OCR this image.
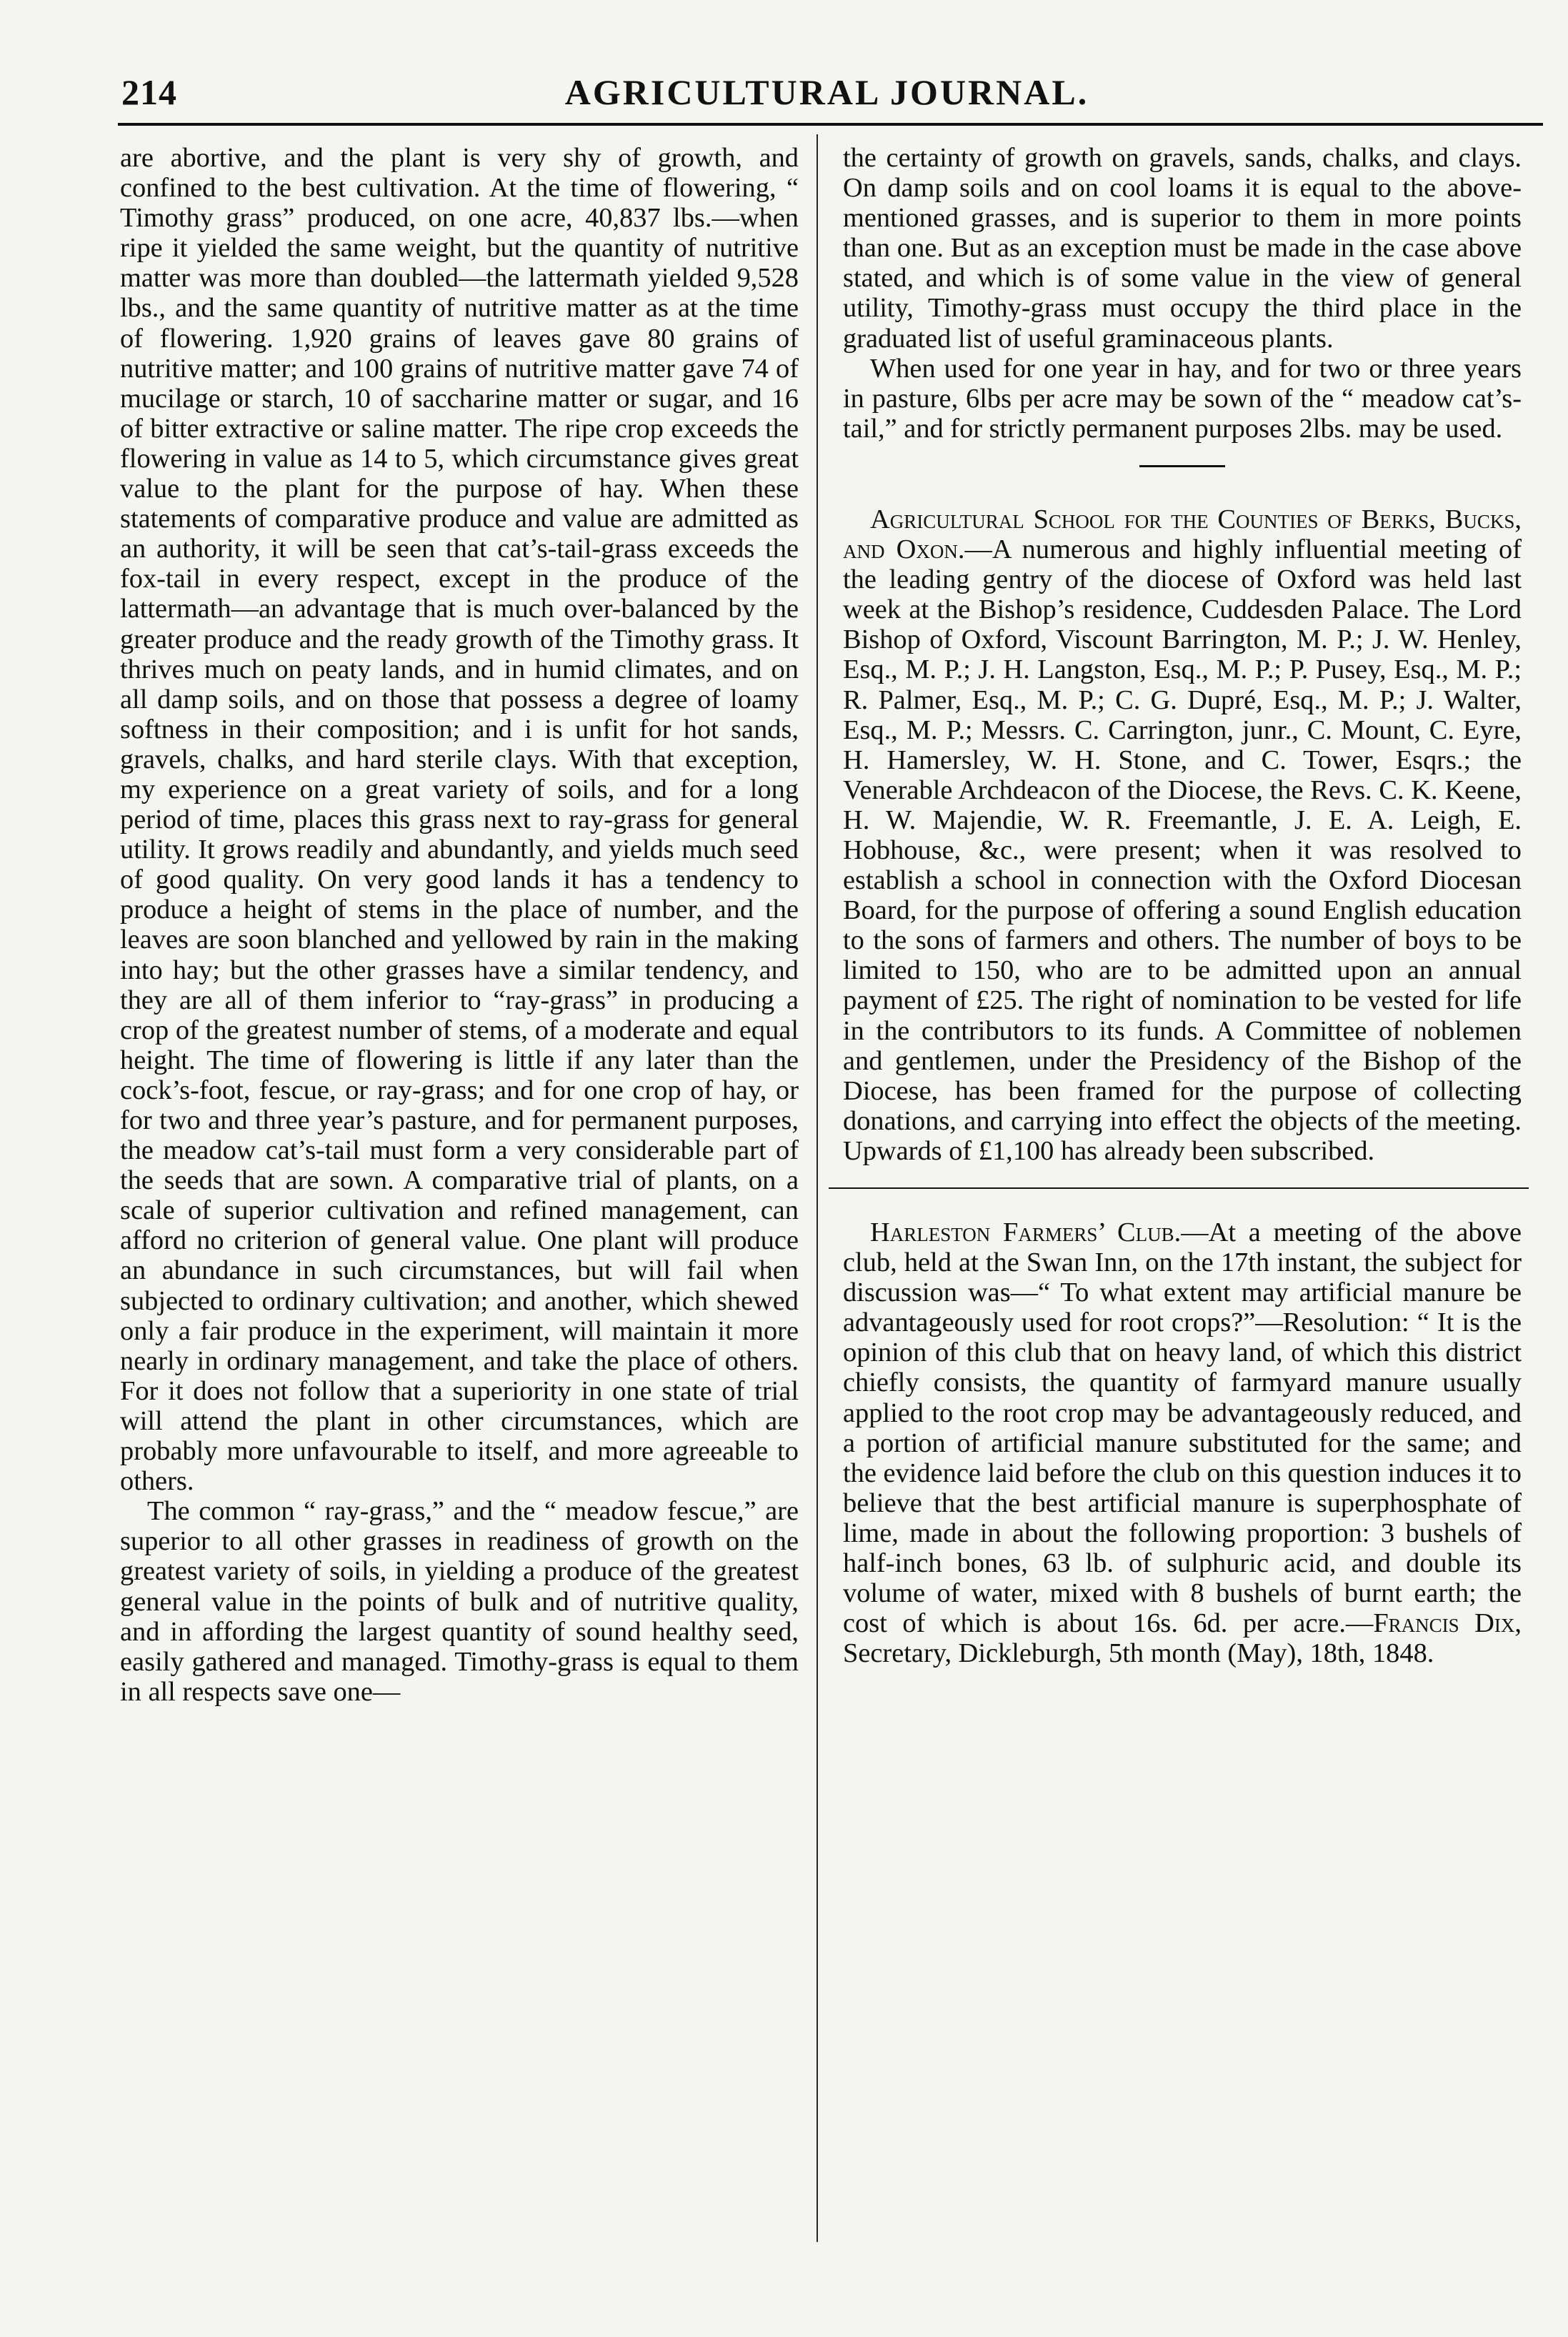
214	AGRICULTURAL JOURNAL.

are abortive, and the plant is very shy of growth, and confined to the best cultivation. At the time of flowering, “ Timothy grass” produced, on one acre, 40,837 lbs.—when ripe it yielded the same weight, but the quantity of nutritive matter was more than doubled—the lattermath yielded 9,528 lbs., and the same quantity of nutritive matter as at the time of flowering. 1,920 grains of leaves gave 80 grains of nutritive matter; and 100 grains of nutritive matter gave 74 of mucilage or starch, 10 of saccharine matter or sugar, and 16 of bitter extractive or saline matter. The ripe crop exceeds the flowering in value as 14 to 5, which circumstance gives great value to the plant for the purpose of hay. When these statements of comparative produce and value are admitted as an authority, it will be seen that cat’s-tail-grass exceeds the fox-tail in every respect, except in the produce of the lattermath—an advantage that is much over-balanced by the greater produce and the ready growth of the Timothy grass. It thrives much on peaty lands, and in humid climates, and on all damp soils, and on those that possess a degree of loamy softness in their composition; and i is unfit for hot sands, gravels, chalks, and hard sterile clays. With that exception, my experience on a great variety of soils, and for a long period of time, places this grass next to ray-grass for general utility. It grows readily and abundantly, and yields much seed of good quality. On very good lands it has a tendency to produce a height of stems in the place of number, and the leaves are soon blanched and yellowed by rain in the making into hay; but the other grasses have a similar tendency, and they are all of them inferior to “ray-grass” in producing a crop of the greatest number of stems, of a moderate and equal height. The time of flowering is little if any later than the cock’s-foot, fescue, or ray-grass; and for one crop of hay, or for two and three year’s pasture, and for permanent purposes, the meadow cat’s-tail must form a very considerable part of the seeds that are sown. A comparative trial of plants, on a scale of superior cultivation and refined management, can afford no criterion of general value. One plant will produce an abundance in such circumstances, but will fail when subjected to ordinary cultivation; and another, which shewed only a fair produce in the experiment, will maintain it more nearly in ordinary management, and take the place of others. For it does not follow that a superiority in one state of trial will attend the plant in other circumstances, which are probably more unfavourable to itself, and more agreeable to others.

The common “ ray-grass,” and the “ meadow fescue,” are superior to all other grasses in readiness of growth on the greatest variety of soils, in yielding a produce of the greatest general value in the points of bulk and of nutritive quality, and in affording the largest quantity of sound healthy seed, easily gathered and managed. Timothy-grass is equal to them in all respects save one—

the certainty of growth on gravels, sands, chalks, and clays. On damp soils and on cool loams it is equal to the above-mentioned grasses, and is superior to them in more points than one. But as an exception must be made in the case above stated, and which is of some value in the view of general utility, Timothy-grass must occupy the third place in the graduated list of useful graminaceous plants.

When used for one year in hay, and for two or three years in pasture, 6lbs per acre may be sown of the “ meadow cat’s-tail,” and for strictly permanent purposes 2lbs. may be used.

Agricultural School for the Counties of Berks, Bucks, and Oxon.—A numerous and highly influential meeting of the leading gentry of the diocese of Oxford was held last week at the Bishop’s residence, Cuddesden Palace. The Lord Bishop of Oxford, Viscount Barrington, M. P.; J. W. Henley, Esq., M. P.; J. H. Langston, Esq., M. P.; P. Pusey, Esq., M. P.; R. Palmer, Esq., M. P.; C. G. Dupré, Esq., M. P.; J. Walter, Esq., M. P.; Messrs. C. Carrington, junr., C. Mount, C. Eyre, H. Hamersley, W. H. Stone, and C. Tower, Esqrs.; the Venerable Archdeacon of the Diocese, the Revs. C. K. Keene, H. W. Majendie, W. R. Freemantle, J. E. A. Leigh, E. Hobhouse, &c., were present; when it was resolved to establish a school in connection with the Oxford Diocesan Board, for the purpose of offering a sound English education to the sons of farmers and others. The number of boys to be limited to 150, who are to be admitted upon an annual payment of £25. The right of nomination to be vested for life in the contributors to its funds. A Committee of noblemen and gentlemen, under the Presidency of the Bishop of the Diocese, has been framed for the purpose of collecting donations, and carrying into effect the objects of the meeting. Upwards of £1,100 has already been subscribed.

Harleston Farmers’ Club.—At a meeting of the above club, held at the Swan Inn, on the 17th instant, the subject for discussion was—“ To what extent may artificial manure be advantageously used for root crops?”—Resolution: “ It is the opinion of this club that on heavy land, of which this district chiefly consists, the quantity of farmyard manure usually applied to the root crop may be advantageously reduced, and a portion of artificial manure substituted for the same; and the evidence laid before the club on this question induces it to believe that the best artificial manure is superphosphate of lime, made in about the following proportion: 3 bushels of half-inch bones, 63 lb. of sulphuric acid, and double its volume of water, mixed with 8 bushels of burnt earth; the cost of which is about 16s. 6d. per acre.—Francis Dix, Secretary, Dickleburgh, 5th month (May), 18th, 1848.
